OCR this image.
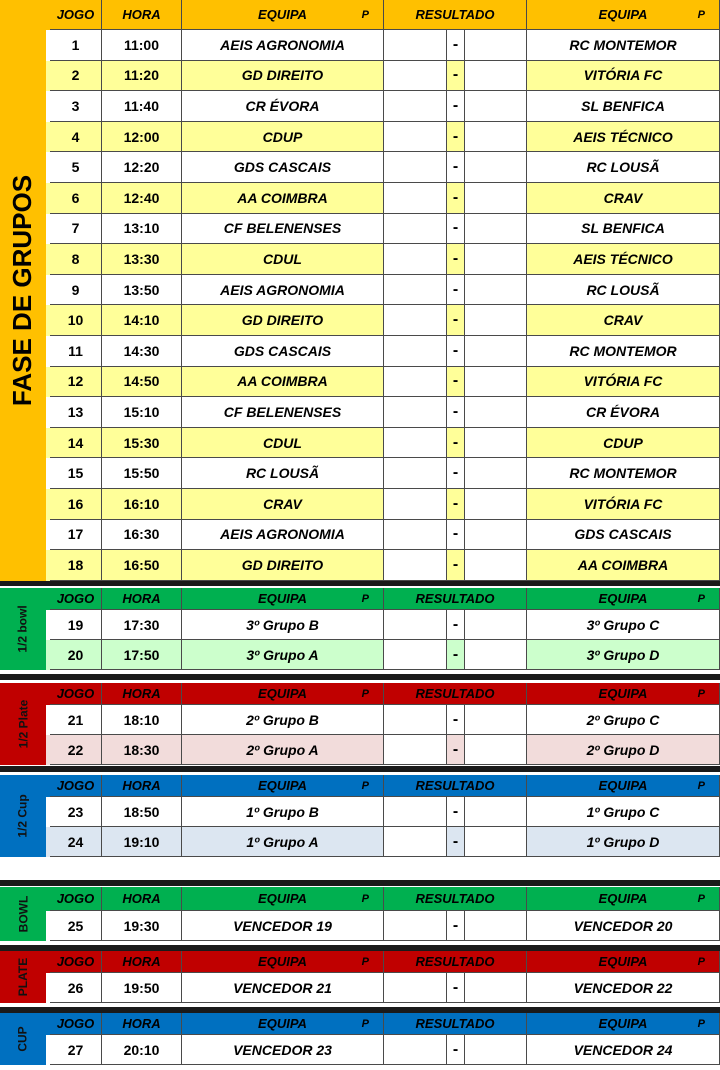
FASE DE GRUPOS
JOGO HORA	EQUIPA	P	RESULTADO	EQUIPA	P
1	11:00	AEIS AGRONOMIA	-	RC MONTEMOR
2	11:20	GD DIREITO	-	VITÓRIA FC
3	11:40	CR ÉVORA	-	SL BENFICA
4	12:00	CDUP	-	AEIS TÉCNICO
5	12:20	GDS CASCAIS	-	RC LOUSÃ
6	12:40	AA COIMBRA	-	CRAV
7	13:10	CF BELENENSES	-	SL BENFICA
8	13:30	CDUL	-	AEIS TÉCNICO
9	13:50	AEIS AGRONOMIA	-	RC LOUSÃ
10	14:10	GD DIREITO	-	CRAV
11	14:30	GDS CASCAIS	-	RC MONTEMOR
12	14:50	AA COIMBRA	-	VITÓRIA FC
13	15:10	CF BELENENSES	-	CR ÉVORA
14	15:30	CDUL	-	CDUP
15	15:50	RC LOUSÃ	-	RC MONTEMOR
16	16:10	CRAV	-	VITÓRIA FC
17	16:30	AEIS AGRONOMIA	-	GDS CASCAIS
18	16:50	GD DIREITO	-	AA COIMBRA
1/2 bowl
JOGO HORA	EQUIPA	P	RESULTADO	EQUIPA	P
19	17:30	3º Grupo B	-	3º Grupo C
20	17:50	3º Grupo A	-	3º Grupo D
1/2 Plate
JOGO HORA	EQUIPA	P	RESULTADO	EQUIPA	P
21	18:10	2º Grupo B	-	2º Grupo C
22	18:30	2º Grupo A	-	2º Grupo D
1/2 Cup
JOGO HORA	EQUIPA	P	RESULTADO	EQUIPA	P
23	18:50	1º Grupo B	-	1º Grupo C
24	19:10	1º Grupo A	-	1º Grupo D
BOWL JOGO HORA	EQUIPA	P	RESULTADO	EQUIPA	P
25	19:30	VENCEDOR 19	-	VENCEDOR 20
PLATE JOGO HORA	EQUIPA	P	RESULTADO	EQUIPA	P
26	19:50	VENCEDOR 21	-	VENCEDOR 22
CUP
JOGO HORA	EQUIPA	P	RESULTADO	EQUIPA	P
27	20:10	VENCEDOR 23	-	VENCEDOR 24
